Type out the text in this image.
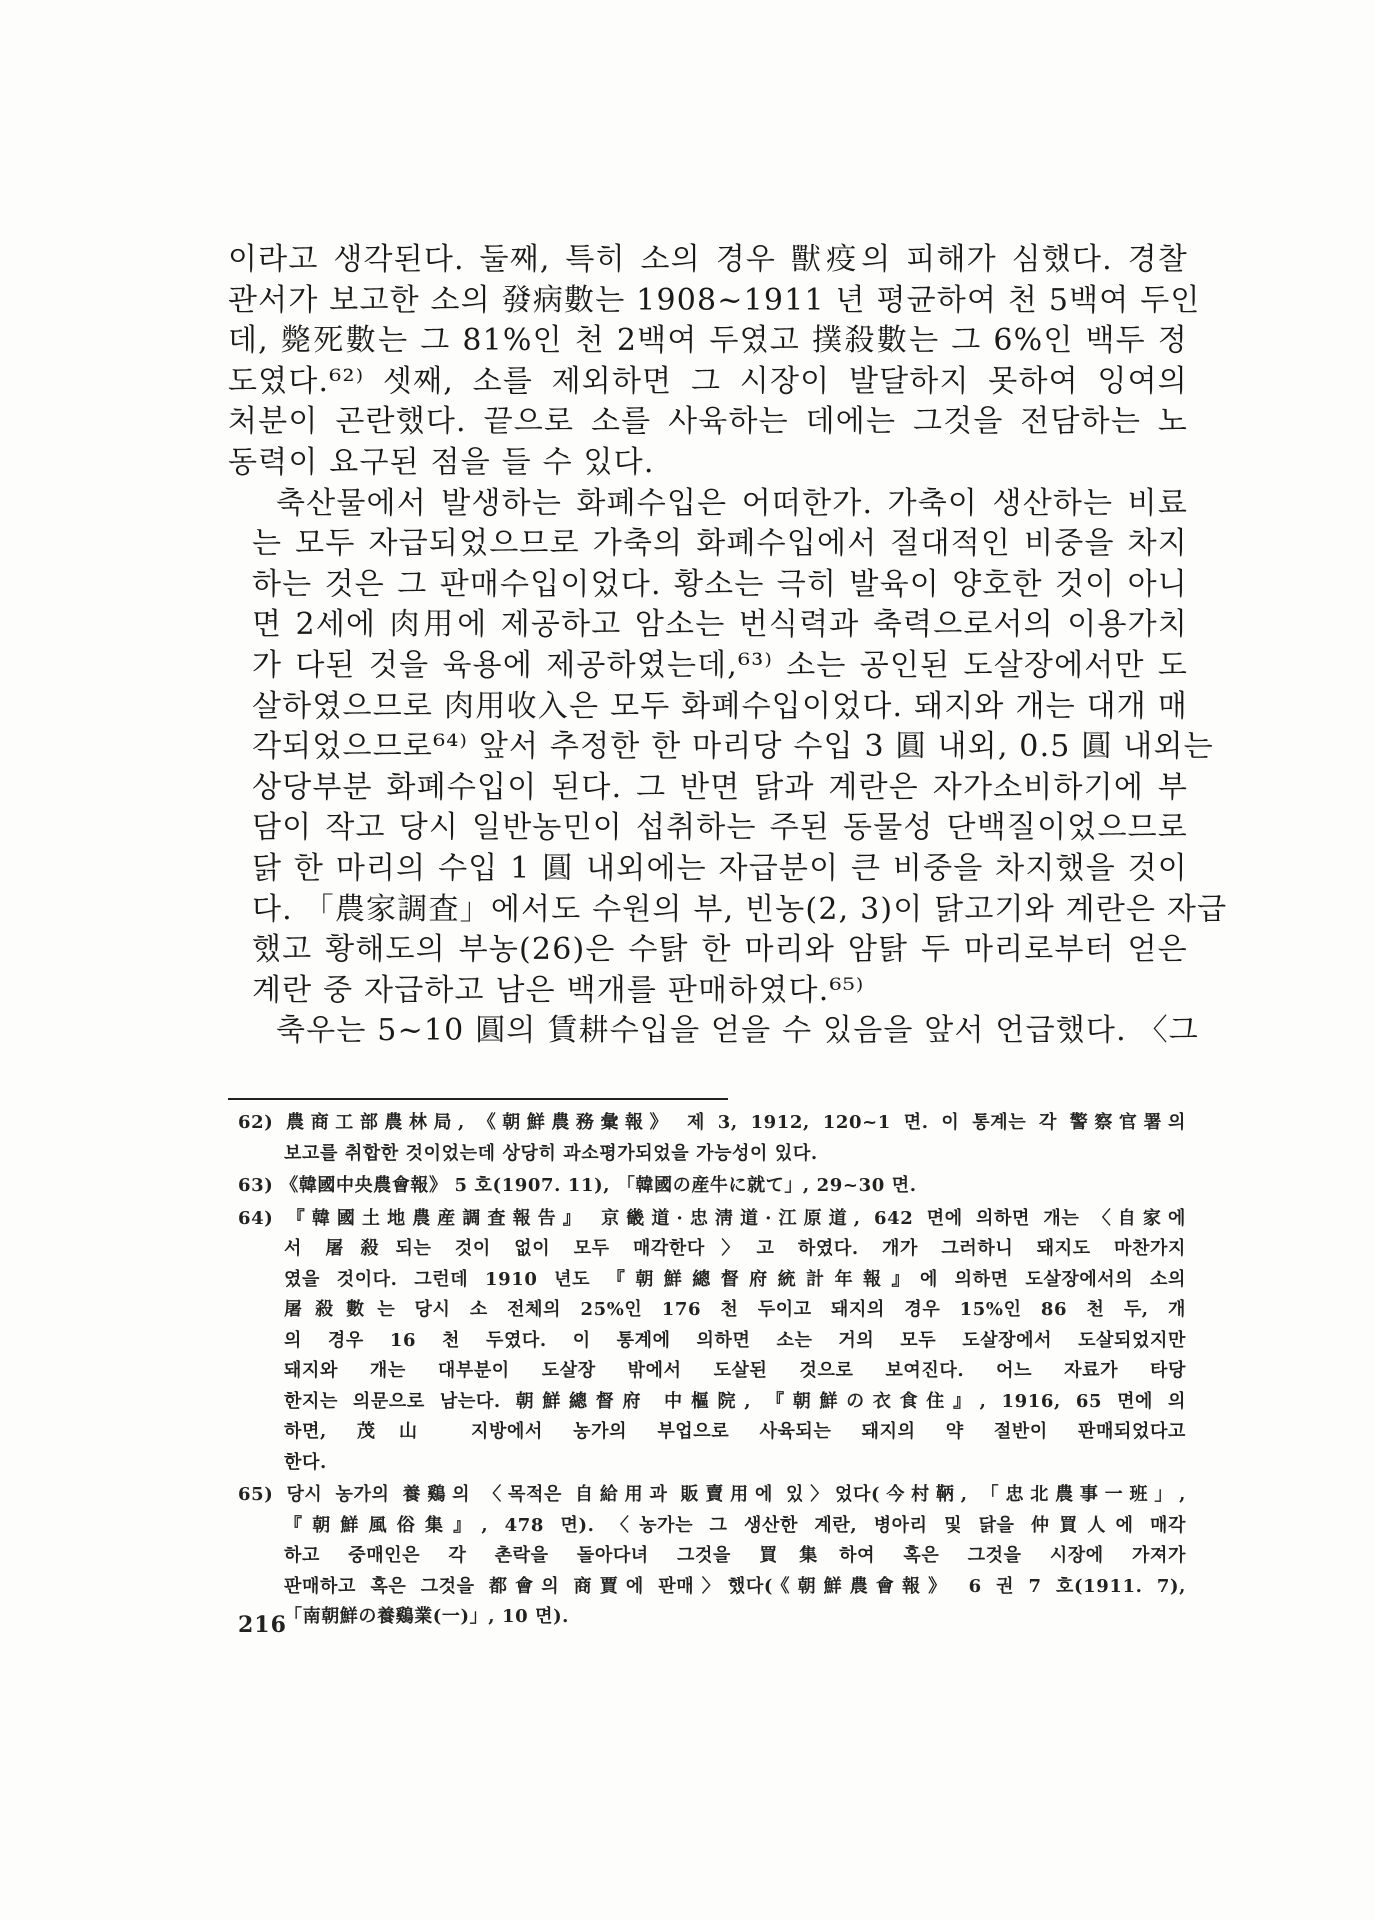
이라고 생각된다. 둘째, 특히 소의 경우 獸疫의 피해가 심했다. 경찰
관서가 보고한 소의 發病數는 1908~1911 년 평균하여 천 5백여 두인
데, 斃死數는 그 81%인 천 2백여 두였고 撲殺數는 그 6%인 백두 정
도였다.⁶²⁾ 셋째, 소를 제외하면 그 시장이 발달하지 못하여 잉여의
처분이 곤란했다. 끝으로 소를 사육하는 데에는 그것을 전담하는 노
동력이 요구된 점을 들 수 있다.
축산물에서 발생하는 화폐수입은 어떠한가. 가축이 생산하는 비료
는 모두 자급되었으므로 가축의 화폐수입에서 절대적인 비중을 차지
하는 것은 그 판매수입이었다. 황소는 극히 발육이 양호한 것이 아니
면 2세에 肉用에 제공하고 암소는 번식력과 축력으로서의 이용가치
가 다된 것을 육용에 제공하였는데,⁶³⁾ 소는 공인된 도살장에서만 도
살하였으므로 肉用收入은 모두 화폐수입이었다. 돼지와 개는 대개 매
각되었으므로⁶⁴⁾ 앞서 추정한 한 마리당 수입 3 圓 내외, 0.5 圓 내외는
상당부분 화폐수입이 된다. 그 반면 닭과 계란은 자가소비하기에 부
담이 작고 당시 일반농민이 섭취하는 주된 동물성 단백질이었으므로
닭 한 마리의 수입 1 圓 내외에는 자급분이 큰 비중을 차지했을 것이
다. 「農家調査」에서도 수원의 부, 빈농(2, 3)이 닭고기와 계란은 자급
했고 황해도의 부농(26)은 수탉 한 마리와 암탉 두 마리로부터 얻은
계란 중 자급하고 남은 백개를 판매하였다.⁶⁵⁾
축우는 5~10 圓의 賃耕수입을 얻을 수 있음을 앞서 언급했다. 〈그
62) 農商工部農林局, 《朝鮮農務彙報》 제 3, 1912, 120~1 면. 이 통계는 각 警察官署의
보고를 취합한 것이었는데 상당히 과소평가되었을 가능성이 있다.
63) 《韓國中央農會報》 5 호(1907. 11), 「韓國の産牛に就て」, 29~30 면.
64) 『韓國土地農産調査報告』 京畿道·忠淸道·江原道, 642 면에 의하면 개는 〈自家에
서 屠殺되는 것이 없이 모두 매각한다〉고 하였다. 개가 그러하니 돼지도 마찬가지
였을 것이다. 그런데 1910 년도 『朝鮮總督府統計年報』에 의하면 도살장에서의 소의
屠殺數는 당시 소 전체의 25%인 176 천 두이고 돼지의 경우 15%인 86 천 두, 개
의 경우 16 천 두였다. 이 통계에 의하면 소는 거의 모두 도살장에서 도살되었지만
돼지와 개는 대부분이 도살장 밖에서 도살된 것으로 보여진다. 어느 자료가 타당
한지는 의문으로 남는다. 朝鮮總督府 中樞院, 『朝鮮の衣食住』, 1916, 65 면에 의
하면, 茂山 지방에서 농가의 부업으로 사육되는 돼지의 약 절반이 판매되었다고
한다.
65) 당시 농가의 養鷄의 〈목적은 自給用과 販賣用에 있〉었다(今村鞆, 「忠北農事一班」,
『朝鮮風俗集』, 478 면). 〈농가는 그 생산한 계란, 병아리 및 닭을 仲買人에 매각
하고 중매인은 각 촌락을 돌아다녀 그것을 買集하여 혹은 그것을 시장에 가져가
판매하고 혹은 그것을 都會의 商賈에 판매〉했다(《朝鮮農會報》 6 권 7 호(1911. 7),
「南朝鮮の養鷄業(一)」, 10 면).
216
